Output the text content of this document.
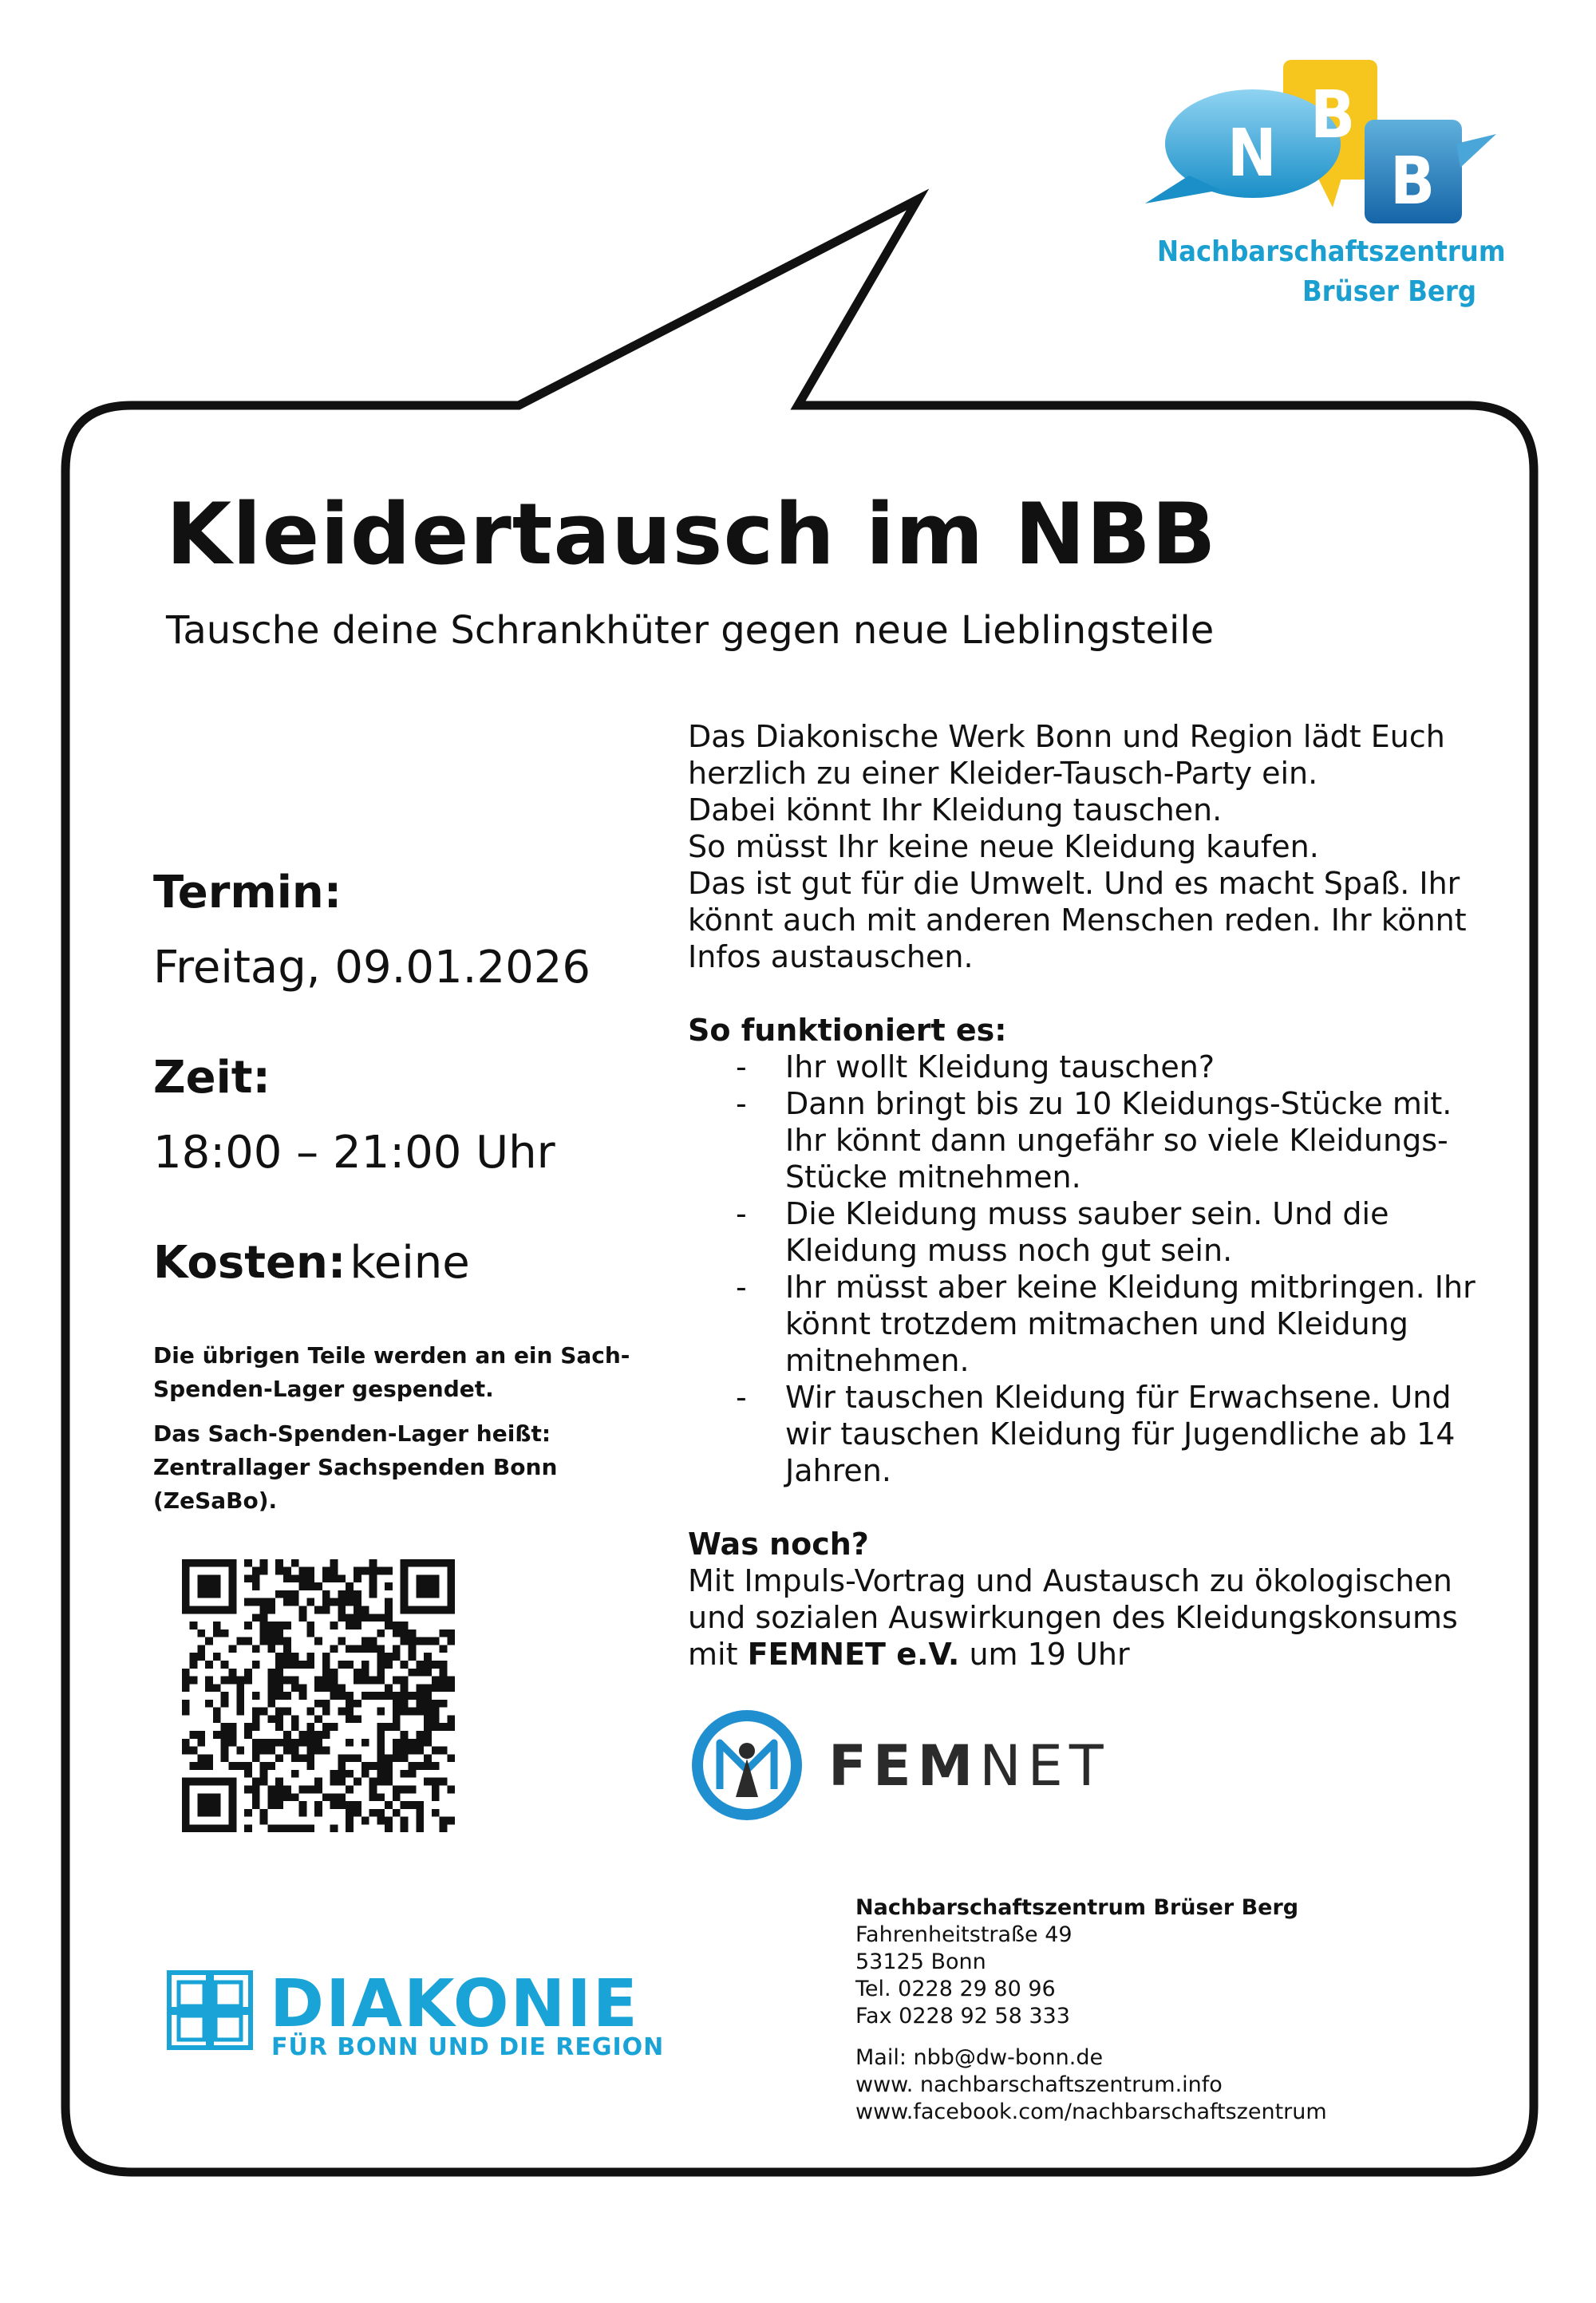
N
B
B
Nachbarschaftszentrum
Brüser Berg
Kleidertausch im NBB
Tausche deine Schrankhüter gegen neue Lieblingsteile
Termin:
Freitag, 09.01.2026
Zeit:
18:00 – 21:00 Uhr
Kosten: keine
Die übrigen Teile werden an ein Sach-Spenden-Lager gespendet.
Das Sach-Spenden-Lager heißt: Zentrallager Sachspenden Bonn (ZeSaBo).
Das Diakonische Werk Bonn und Region lädt Euch
herzlich zu einer Kleider-Tausch-Party ein.
Dabei könnt Ihr Kleidung tauschen.
So müsst Ihr keine neue Kleidung kaufen.
Das ist gut für die Umwelt. Und es macht Spaß. Ihr
könnt auch mit anderen Menschen reden. Ihr könnt
Infos austauschen.
So funktioniert es:
- Ihr wollt Kleidung tauschen?
- Dann bringt bis zu 10 Kleidungs-Stücke mit.
Ihr könnt dann ungefähr so viele Kleidungs-
Stücke mitnehmen.
- Die Kleidung muss sauber sein. Und die
Kleidung muss noch gut sein.
- Ihr müsst aber keine Kleidung mitbringen. Ihr
könnt trotzdem mitmachen und Kleidung
mitnehmen.
- Wir tauschen Kleidung für Erwachsene. Und
wir tauschen Kleidung für Jugendliche ab 14
Jahren.
Was noch?
Mit Impuls-Vortrag und Austausch zu ökologischen
und sozialen Auswirkungen des Kleidungskonsums
mit FEMNET e.V. um 19 Uhr
FEMNET
DIAKONIE
FÜR BONN UND DIE REGION
Nachbarschaftszentrum Brüser Berg
Fahrenheitstraße 49
53125 Bonn
Tel. 0228 29 80 96
Fax 0228 92 58 333
Mail: nbb@dw-bonn.de
www. nachbarschaftszentrum.info
www.facebook.com/nachbarschaftszentrum
